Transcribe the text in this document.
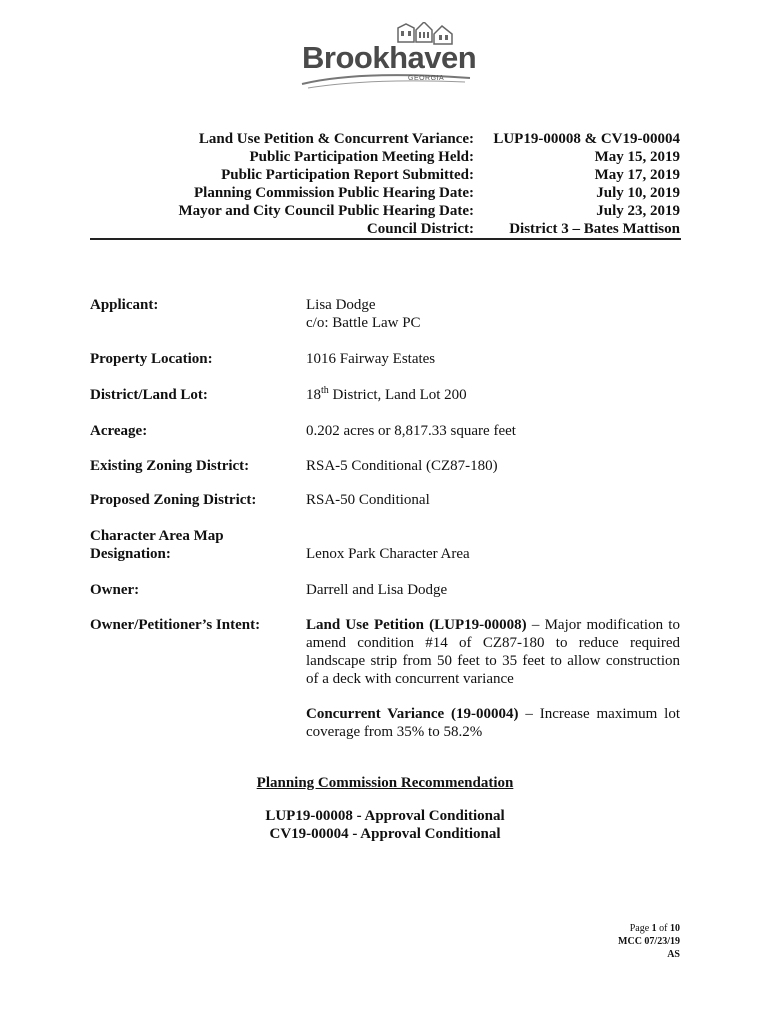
Brookhaven
GEORGIA
Land Use Petition & Concurrent Variance: LUP19-00008 & CV19-00004
Public Participation Meeting Held:	May 15, 2019
Public Participation Report Submitted:	May 17, 2019
Planning Commission Public Hearing Date:	July 10, 2019
Mayor and City Council Public Hearing Date:	July 23, 2019
Council District: District 3 – Bates Mattison
Applicant:	Lisa Dodge
c/o: Battle Law PC
Property Location:	1016 Fairway Estates
District/Land Lot:	18th District, Land Lot 200
Acreage:	0.202 acres or 8,817.33 square feet
Existing Zoning District:	RSA-5 Conditional (CZ87-180)
Proposed Zoning District:	RSA-50 Conditional
Character Area Map
Designation:	Lenox Park Character Area
Owner:	Darrell and Lisa Dodge
Owner/Petitioner’s Intent:	Land Use Petition (LUP19-00008) – Major modification to amend condition #14 of CZ87-180 to reduce required landscape strip from 50 feet to 35 feet to allow construction of a deck with concurrent variance
Concurrent Variance (19-00004) – Increase maximum lot coverage from 35% to 58.2%
Planning Commission Recommendation
LUP19-00008 - Approval Conditional
CV19-00004 - Approval Conditional
Page 1 of 10
MCC 07/23/19
AS
